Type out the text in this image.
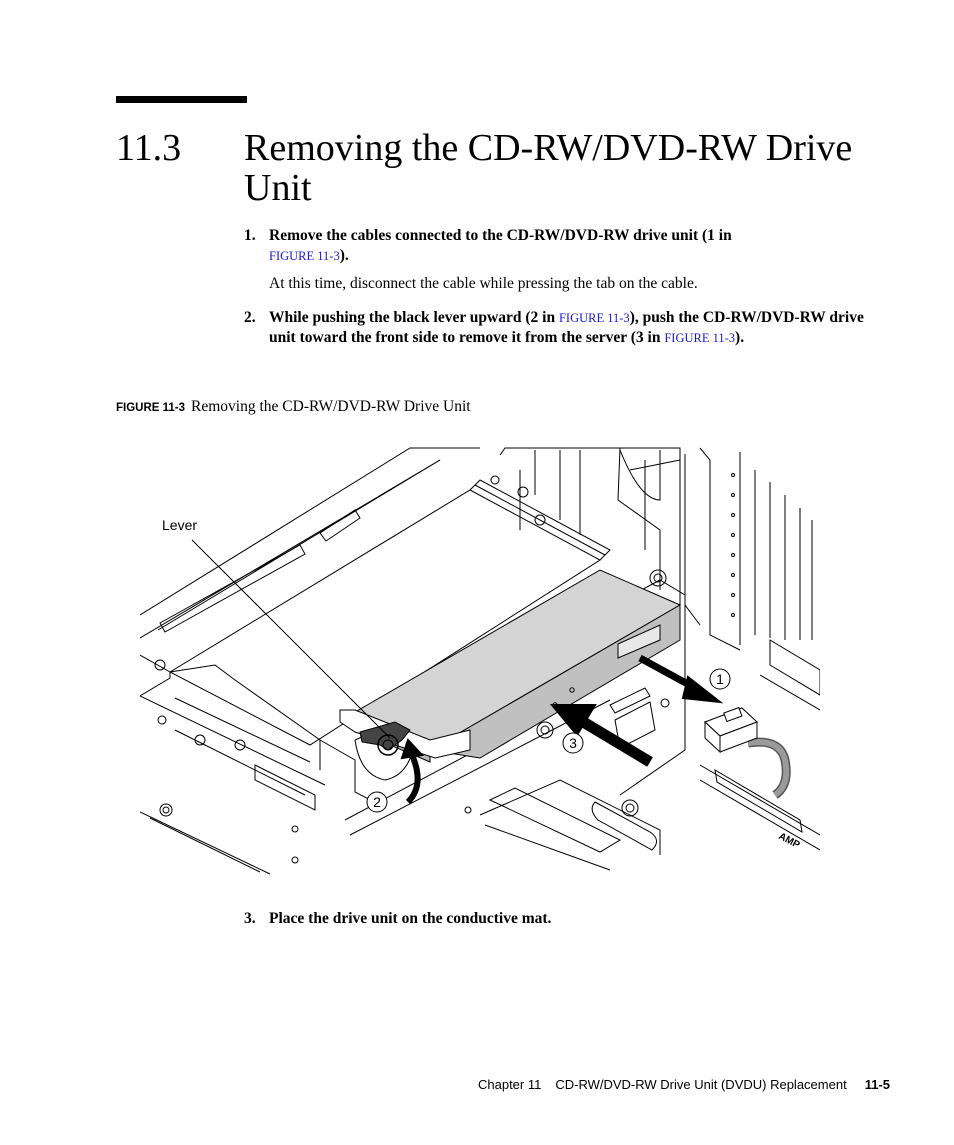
11.3 Removing the CD-RW/DVD-RW Drive Unit
1. Remove the cables connected to the CD-RW/DVD-RW drive unit (1 in
FIGURE 11-3).
At this time, disconnect the cable while pressing the tab on the cable.
2. While pushing the black lever upward (2 in FIGURE 11-3), push the CD-RW/DVD-RW drive unit toward the front side to remove it from the server (3 in FIGURE 11-3).
FIGURE 11-3 Removing the CD-RW/DVD-RW Drive Unit
Lever
1
2
3
AMP
3. Place the drive unit on the conductive mat.
Chapter 11 CD-RW/DVD-RW Drive Unit (DVDU) Replacement 11-5
